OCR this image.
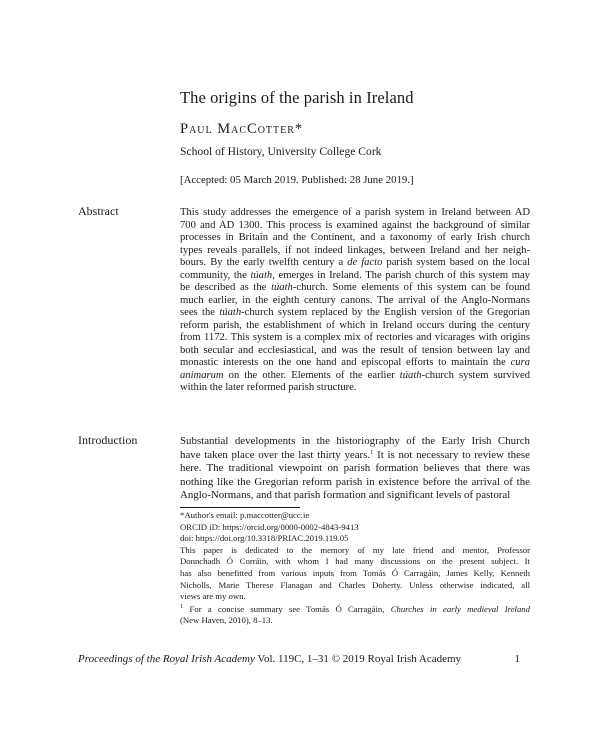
The origins of the parish in Ireland
Paul MacCotter*
School of History, University College Cork
[Accepted: 05 March 2019. Published: 28 June 2019.]
Abstract	This study addresses the emergence of a parish system in Ireland between AD
700 and AD 1300. This process is examined against the background of similar
processes in Britain and the Continent, and a taxonomy of early Irish church
types reveals parallels, if not indeed linkages, between Ireland and her neigh-
bours. By the early twelfth century a de facto parish system based on the local
community, the túath, emerges in Ireland. The parish church of this system may
be described as the túath-church. Some elements of this system can be found
much earlier, in the eighth century canons. The arrival of the Anglo-Normans
sees the túath-church system replaced by the English version of the Gregorian
reform parish, the establishment of which in Ireland occurs during the century
from 1172. This system is a complex mix of rectories and vicarages with origins
both secular and ecclesiastical, and was the result of tension between lay and
monastic interests on the one hand and episcopal efforts to maintain the cura
animarum on the other. Elements of the earlier túath-church system survived
within the later reformed parish structure.
Introduction	Substantial developments in the historiography of the Early Irish Church
have taken place over the last thirty years.$^1$ It is not necessary to review these
here. The traditional viewpoint on parish formation believes that there was
nothing like the Gregorian reform parish in existence before the arrival of the
Anglo-Normans, and that parish formation and significant levels of pastoral
*Author's email: p.maccotter@ucc.ie
ORCID iD: https://orcid.org/0000-0002-4843-9413
doi: https://doi.org/10.3318/PRIAC.2019.119.05
This paper is dedicated to the memory of my late friend and mentor, Professor
Donnchadh Ó Corráin, with whom I had many discussions on the present subject. It
has also benefitted from various inputs from Tomás Ó Carragáin, James Kelly, Kenneth
Nicholls, Marie Therese Flanagan and Charles Doherty. Unless otherwise indicated, all
views are my own.
$^1$ For a concise summary see Tomás Ó Carragáin, Churches in early medieval Ireland
(New Haven, 2010), 8–13.
Proceedings of the Royal Irish Academy Vol. 119C, 1–31 © 2019 Royal Irish Academy	1
